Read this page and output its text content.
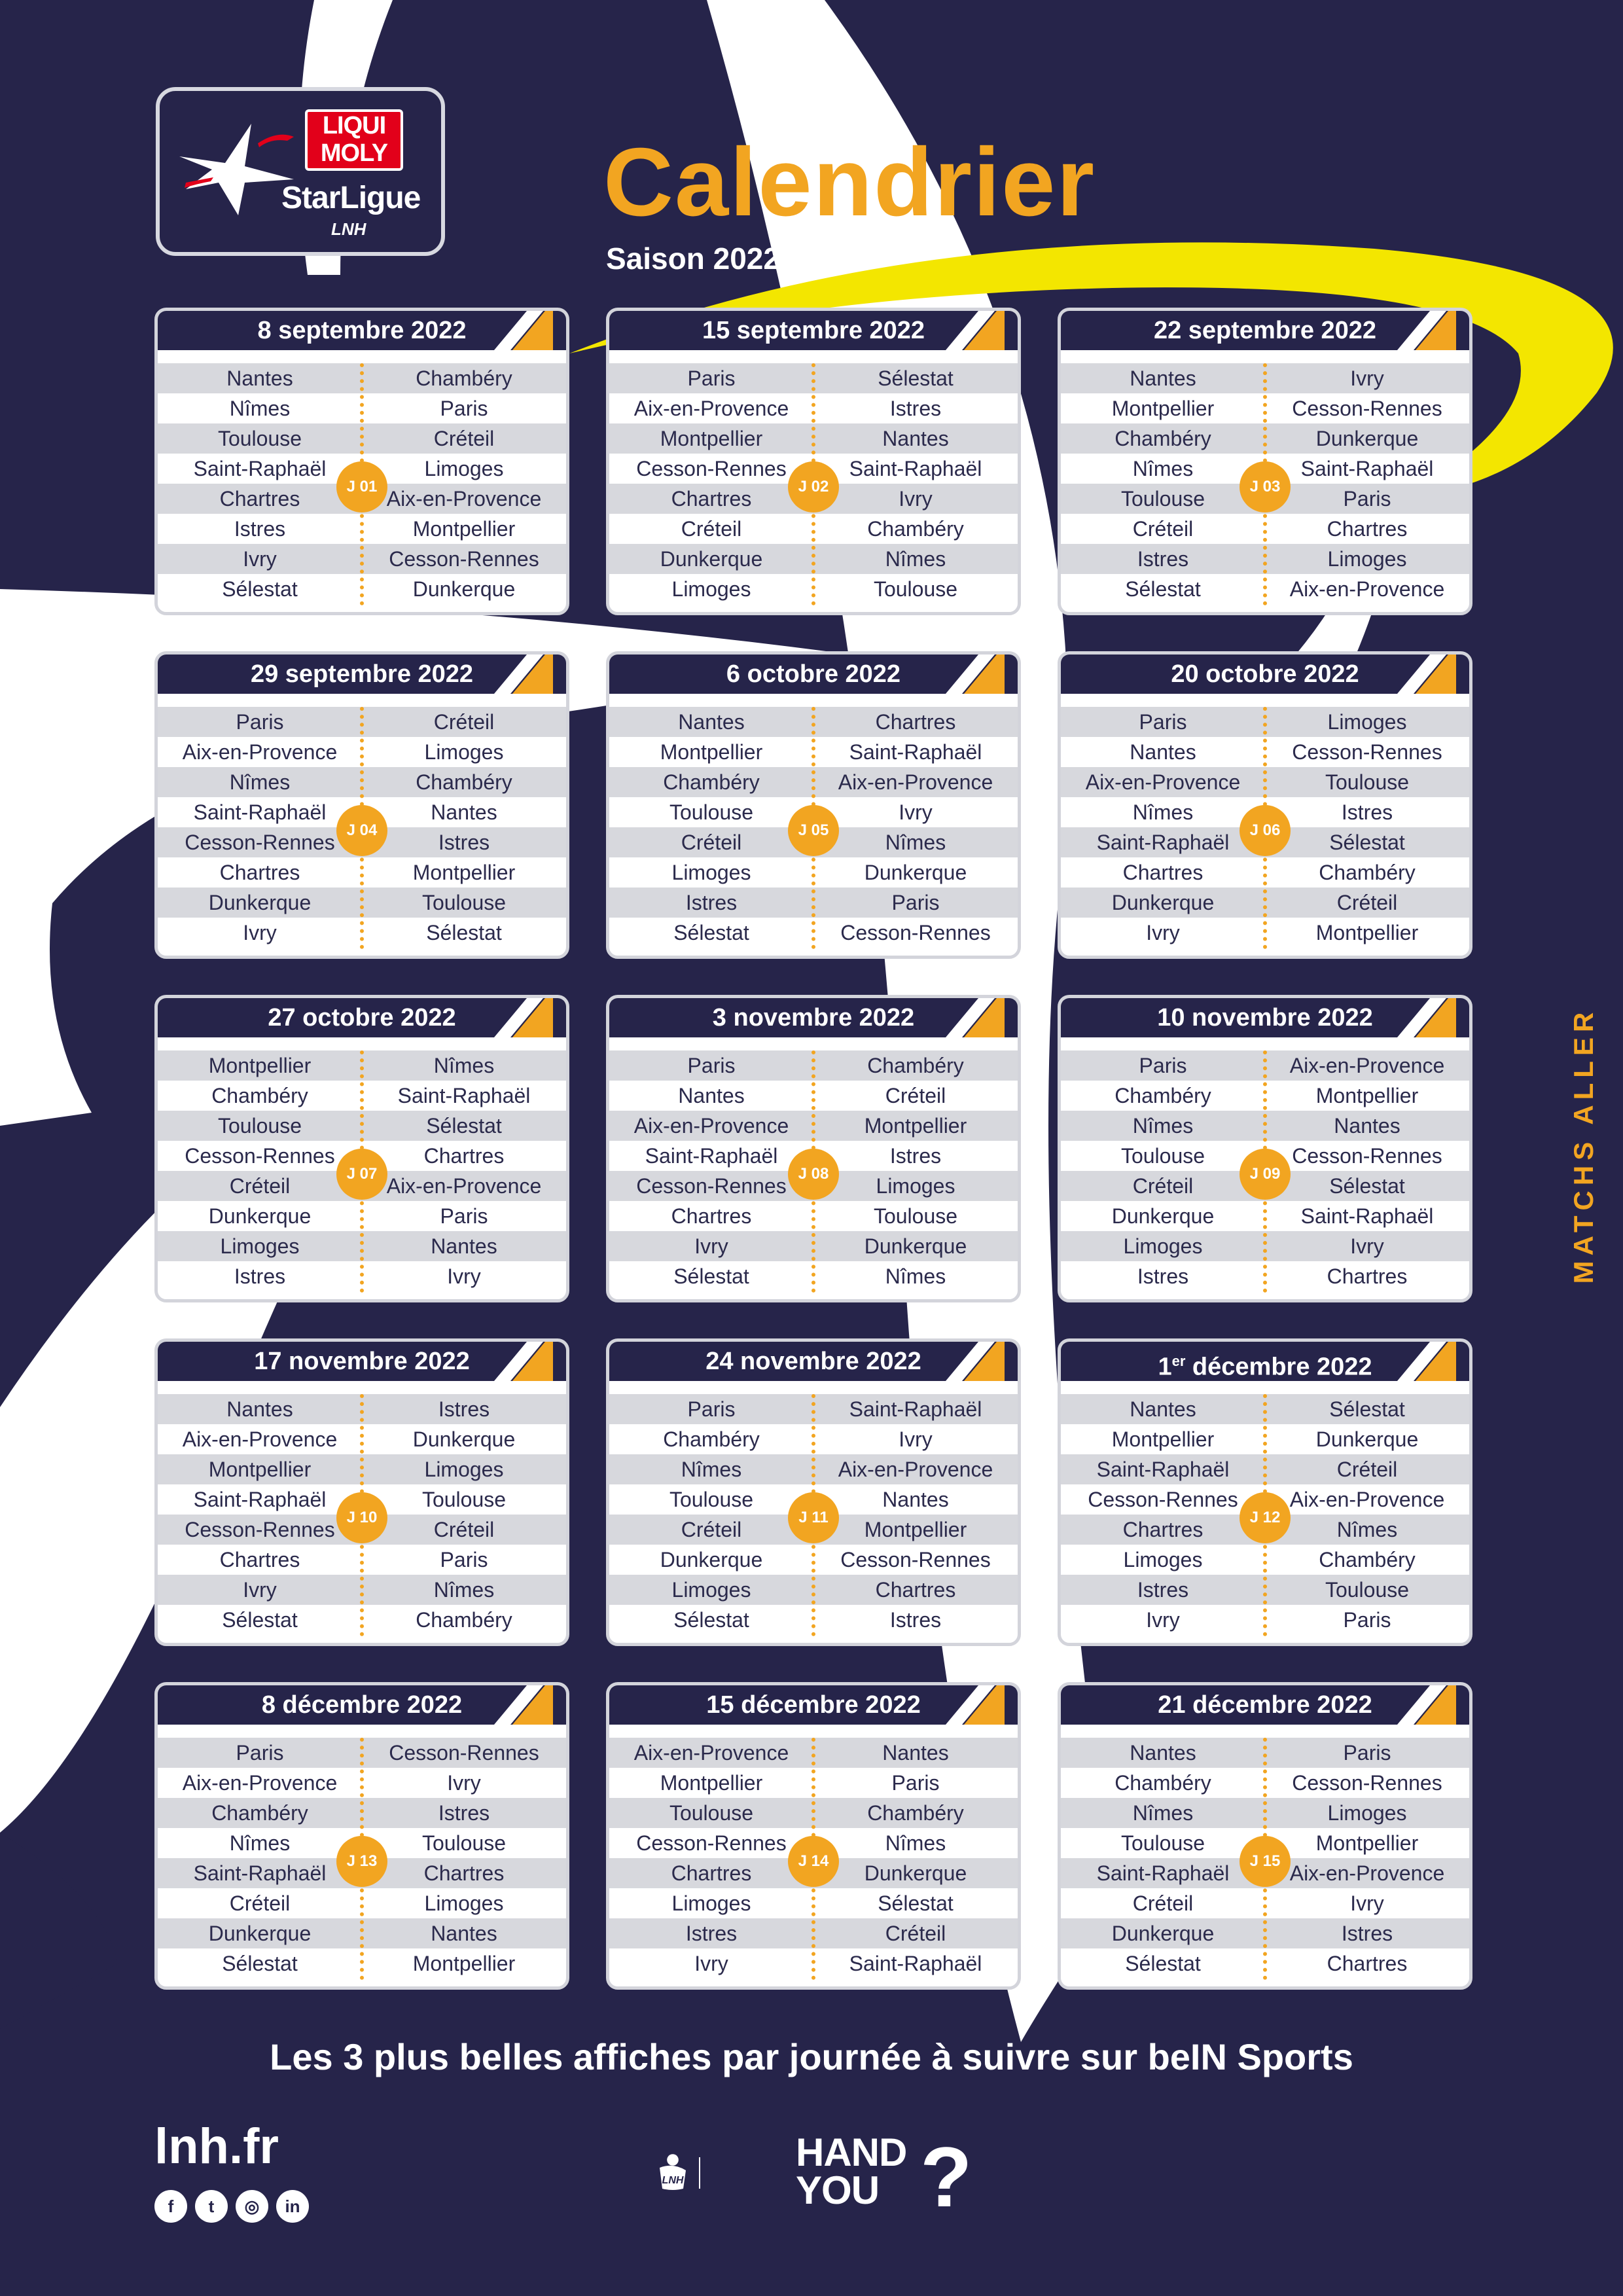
LIQUI
MOLY
StarLigue
LNH Calendrier
Saison 2022/2023
MATCHS ALLER
8 septembre 2022
Nantes	Chambéry
Nîmes	Paris
Toulouse	Créteil
Saint-Raphaël	Limoges
Chartres	Aix-en-Provence
Istres	Montpellier
Ivry	Cesson-Rennes
Sélestat	Dunkerque
J 01
15 septembre 2022
Paris	Sélestat
Aix-en-Provence	Istres
Montpellier	Nantes
Cesson-Rennes	Saint-Raphaël
Chartres	Ivry
Créteil	Chambéry
Dunkerque	Nîmes
Limoges	Toulouse
J 02
22 septembre 2022
Nantes	Ivry
Montpellier	Cesson-Rennes
Chambéry	Dunkerque
Nîmes	Saint-Raphaël
Toulouse	Paris
Créteil	Chartres
Istres	Limoges
Sélestat	Aix-en-Provence
J 03
29 septembre 2022
Paris	Créteil
Aix-en-Provence	Limoges
Nîmes	Chambéry
Saint-Raphaël	Nantes
Cesson-Rennes	Istres
Chartres	Montpellier
Dunkerque	Toulouse
Ivry	Sélestat
J 04
6 octobre 2022
Nantes	Chartres
Montpellier	Saint-Raphaël
Chambéry	Aix-en-Provence
Toulouse	Ivry
Créteil	Nîmes
Limoges	Dunkerque
Istres	Paris
Sélestat	Cesson-Rennes
J 05
20 octobre 2022
Paris	Limoges
Nantes	Cesson-Rennes
Aix-en-Provence	Toulouse
Nîmes	Istres
Saint-Raphaël	Sélestat
Chartres	Chambéry
Dunkerque	Créteil
Ivry	Montpellier
J 06
27 octobre 2022
Montpellier	Nîmes
Chambéry	Saint-Raphaël
Toulouse	Sélestat
Cesson-Rennes	Chartres
Créteil	Aix-en-Provence
Dunkerque	Paris
Limoges	Nantes
Istres	Ivry
J 07
3 novembre 2022
Paris	Chambéry
Nantes	Créteil
Aix-en-Provence	Montpellier
Saint-Raphaël	Istres
Cesson-Rennes	Limoges
Chartres	Toulouse
Ivry	Dunkerque
Sélestat	Nîmes
J 08
10 novembre 2022
Paris	Aix-en-Provence
Chambéry	Montpellier
Nîmes	Nantes
Toulouse	Cesson-Rennes
Créteil	Sélestat
Dunkerque	Saint-Raphaël
Limoges	Ivry
Istres	Chartres
J 09
17 novembre 2022
Nantes	Istres
Aix-en-Provence	Dunkerque
Montpellier	Limoges
Saint-Raphaël	Toulouse
Cesson-Rennes	Créteil
Chartres	Paris
Ivry	Nîmes
Sélestat	Chambéry
J 10
24 novembre 2022
Paris	Saint-Raphaël
Chambéry	Ivry
Nîmes	Aix-en-Provence
Toulouse	Nantes
Créteil	Montpellier
Dunkerque	Cesson-Rennes
Limoges	Chartres
Sélestat	Istres
J 11
1er décembre 2022
Nantes	Sélestat
Montpellier	Dunkerque
Saint-Raphaël	Créteil
Cesson-Rennes	Aix-en-Provence
Chartres	Nîmes
Limoges	Chambéry
Istres	Toulouse
Ivry	Paris
J 12
8 décembre 2022
Paris	Cesson-Rennes
Aix-en-Provence	Ivry
Chambéry	Istres
Nîmes	Toulouse
Saint-Raphaël	Chartres
Créteil	Limoges
Dunkerque	Nantes
Sélestat	Montpellier
J 13
15 décembre 2022
Aix-en-Provence	Nantes
Montpellier	Paris
Toulouse	Chambéry
Cesson-Rennes	Nîmes
Chartres	Dunkerque
Limoges	Sélestat
Istres	Créteil
Ivry	Saint-Raphaël
J 14
21 décembre 2022
Nantes	Paris
Chambéry	Cesson-Rennes
Nîmes	Limoges
Toulouse	Montpellier
Saint-Raphaël	Aix-en-Provence
Créteil	Ivry
Dunkerque	Istres
Sélestat	Chartres
J 15
Les 3 plus belles affiches par journée à suivre sur beIN Sports
lnh.fr
f	t	◎	in
LNH
HAND
YOU ?
